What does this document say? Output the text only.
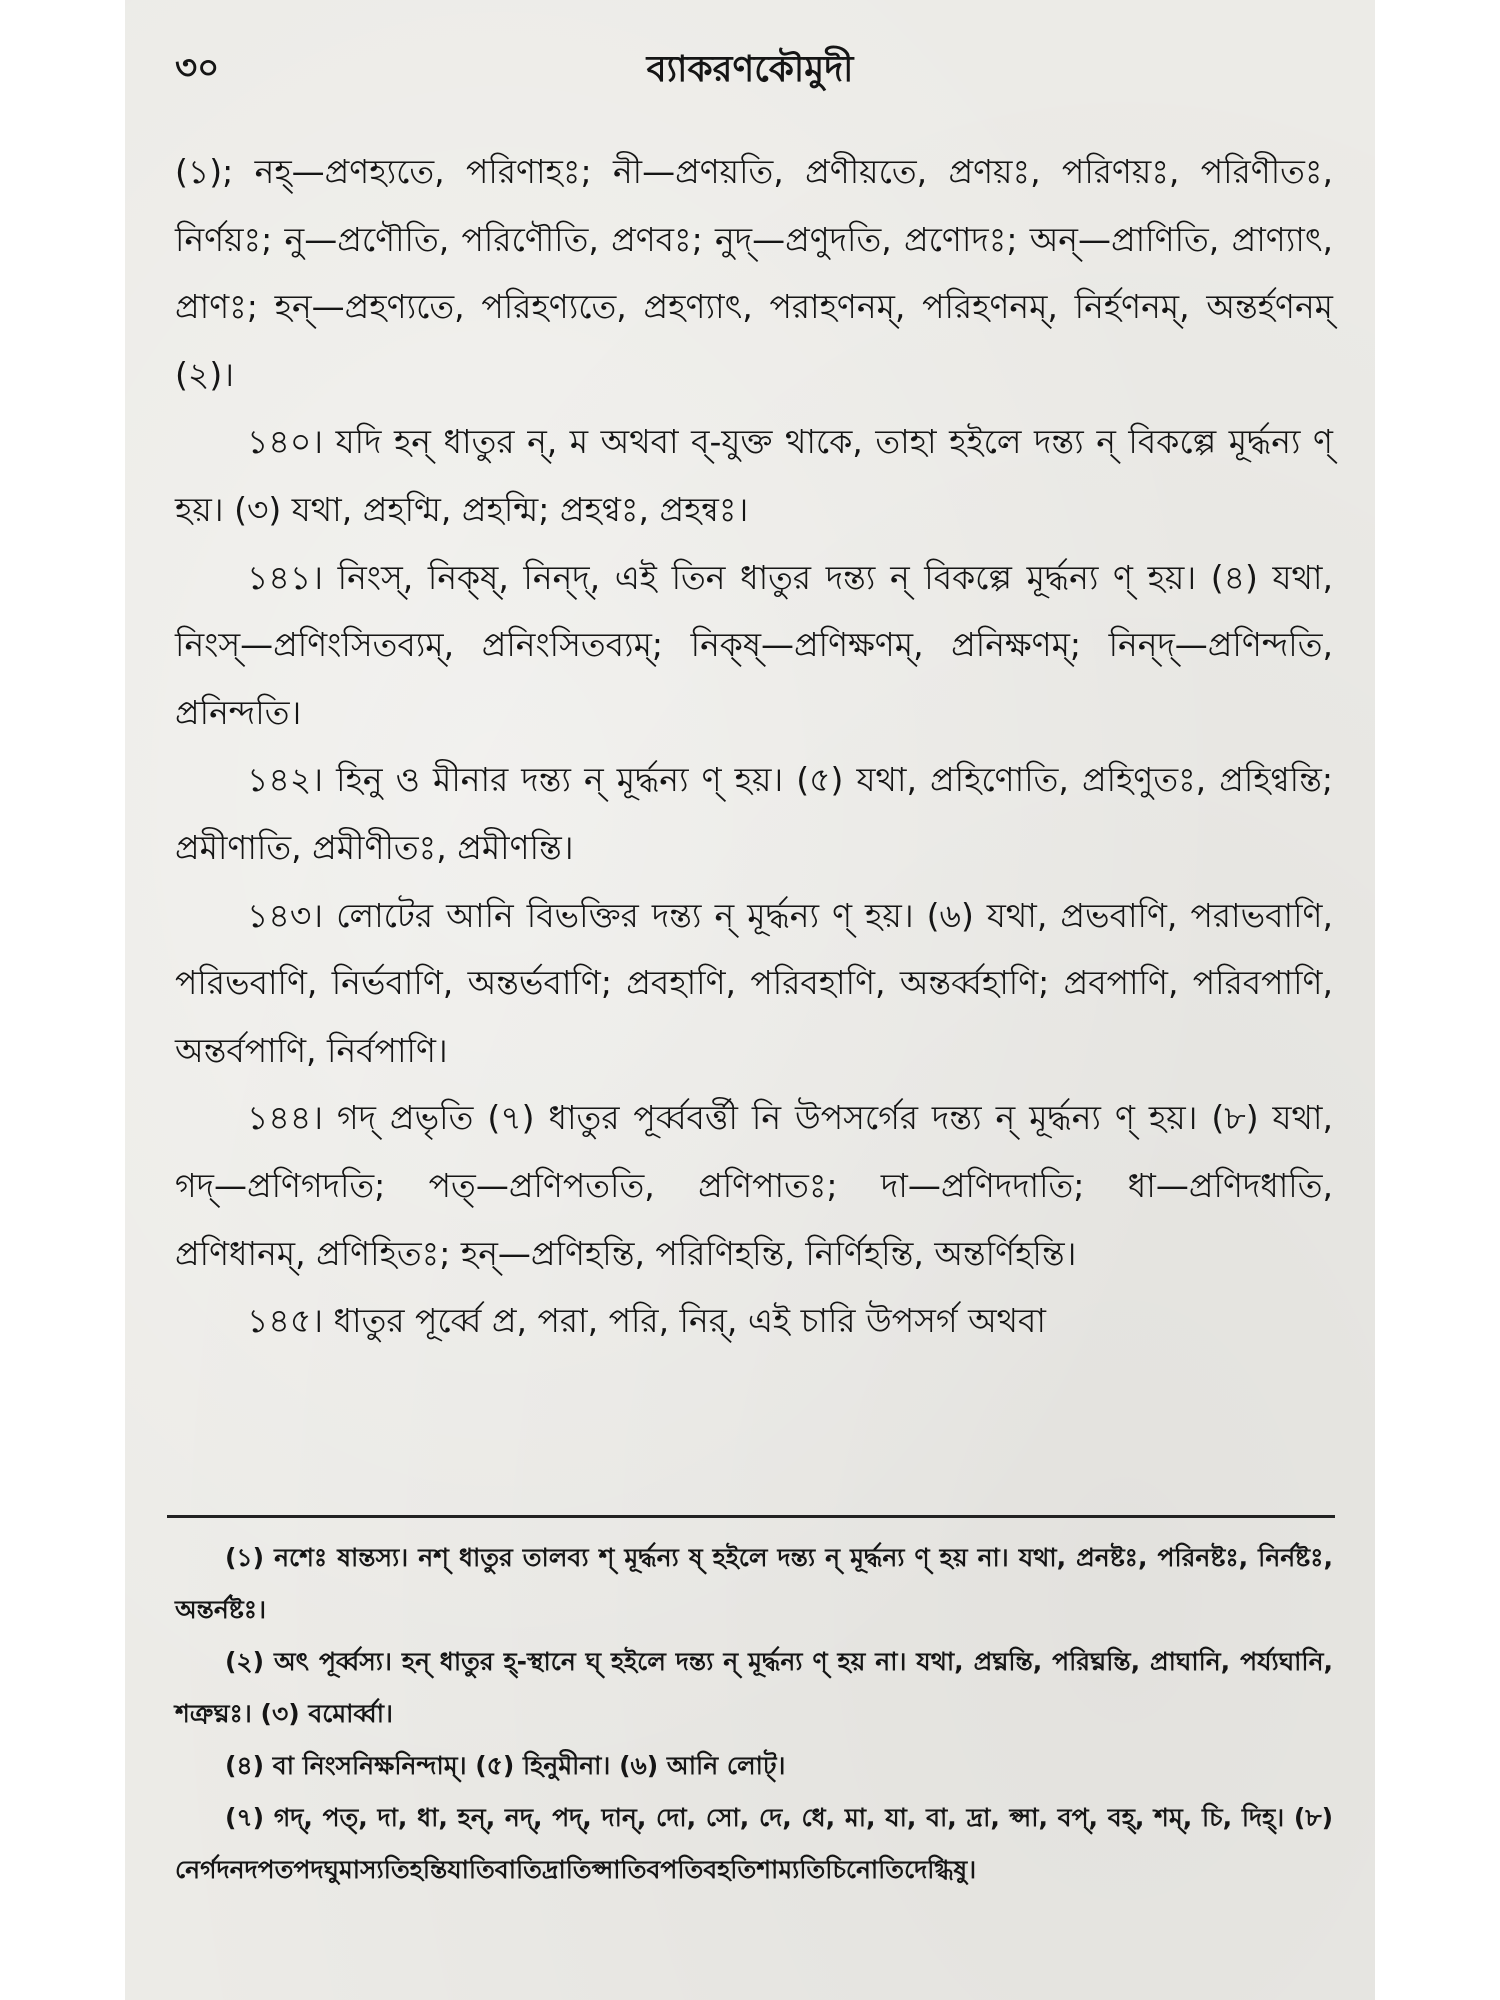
৩০	ব্যাকরণকৌমুদী

(১); নহ্—প্রণহ্যতে, পরিণাহঃ; নী—প্রণয়তি, প্রণীয়তে, প্রণয়ঃ, পরিণয়ঃ, পরিণীতঃ, নির্ণয়ঃ; নু—প্রণৌতি, পরিণৌতি, প্রণবঃ; নুদ্—প্রণুদতি, প্রণোদঃ; অন্—প্রাণিতি, প্রাণ্যাৎ, প্রাণঃ; হন্—প্রহণ্যতে, পরিহণ্যতে, প্রহণ্যাৎ, পরাহণনম্, পরিহণনম্, নির্হণনম্, অন্তর্হণনম্ (২)।

১৪০। যদি হন্ ধাতুর ন্, ম অথবা ব্-যুক্ত থাকে, তাহা হইলে দন্ত্য ন্ বিকল্পে মূর্দ্ধন্য ণ্ হয়। (৩) যথা, প্রহণ্মি, প্রহন্মি; প্রহণ্বঃ, প্রহন্বঃ।

১৪১। নিংস্, নিক্ষ্, নিন্দ্, এই তিন ধাতুর দন্ত্য ন্ বিকল্পে মূর্দ্ধন্য ণ্ হয়। (৪) যথা, নিংস্—প্রণিংসিতব্যম্, প্রনিংসিতব্যম্; নিক্ষ্—প্রণিক্ষণম্, প্রনিক্ষণম্; নিন্দ্—প্রণিন্দতি, প্রনিন্দতি।

১৪২। হিনু ও মীনার দন্ত্য ন্ মূর্দ্ধন্য ণ্ হয়। (৫) যথা, প্রহিণোতি, প্রহিণুতঃ, প্রহিণ্বন্তি; প্রমীণাতি, প্রমীণীতঃ, প্রমীণন্তি।

১৪৩। লোটের আনি বিভক্তির দন্ত্য ন্ মূর্দ্ধন্য ণ্ হয়। (৬) যথা, প্রভবাণি, পরাভবাণি, পরিভবাণি, নির্ভবাণি, অন্তর্ভবাণি; প্রবহাণি, পরিবহাণি, অন্তর্ব্বহাণি; প্রবপাণি, পরিবপাণি, অন্তর্বপাণি, নির্বপাণি।

১৪৪। গদ্ প্রভৃতি (৭) ধাতুর পূর্ব্ববর্ত্তী নি উপসর্গের দন্ত্য ন্ মূর্দ্ধন্য ণ্ হয়। (৮) যথা, গদ্—প্রণিগদতি; পত্—প্রণিপততি, প্রণিপাতঃ; দা—প্রণিদদাতি; ধা—প্রণিদধাতি, প্রণিধানম্, প্রণিহিতঃ; হন্—প্রণিহন্তি, পরিণিহন্তি, নির্ণিহন্তি, অন্তর্ণিহন্তি।

১৪৫। ধাতুর পূর্ব্বে প্র, পরা, পরি, নির্, এই চারি উপসর্গ অথবা

(১) নশেঃ ষান্তস্য। নশ্ ধাতুর তালব্য শ্ মূর্দ্ধন্য ষ্ হইলে দন্ত্য ন্ মূর্দ্ধন্য ণ্ হয় না। যথা, প্রনষ্টঃ, পরিনষ্টঃ, নির্নষ্টঃ, অন্তর্নষ্টঃ।

(২) অৎ পূর্ব্বস্য। হন্ ধাতুর হ্-স্থানে ঘ্ হইলে দন্ত্য ন্ মূর্দ্ধন্য ণ্ হয় না। যথা, প্রঘ্নন্তি, পরিঘ্নন্তি, প্রাঘানি, পর্য্যঘানি, শত্রুঘ্নঃ। (৩) বমোর্ব্বা।

(৪) বা নিংসনিক্ষনিন্দাম্। (৫) হিনুমীনা। (৬) আনি লোট্।

(৭) গদ্, পত্, দা, ধা, হন্, নদ্, পদ্, দান্, দো, সো, দে, ধে, মা, যা, বা, দ্রা, প্সা, বপ্, বহ্, শম্, চি, দিহ্। (৮) নের্গদনদপতপদঘুমাস্যতিহন্তিযাতিবাতিদ্রাতিপ্সাতিবপতিবহতিশাম্যতিচিনোতিদেগ্ধিষু।
